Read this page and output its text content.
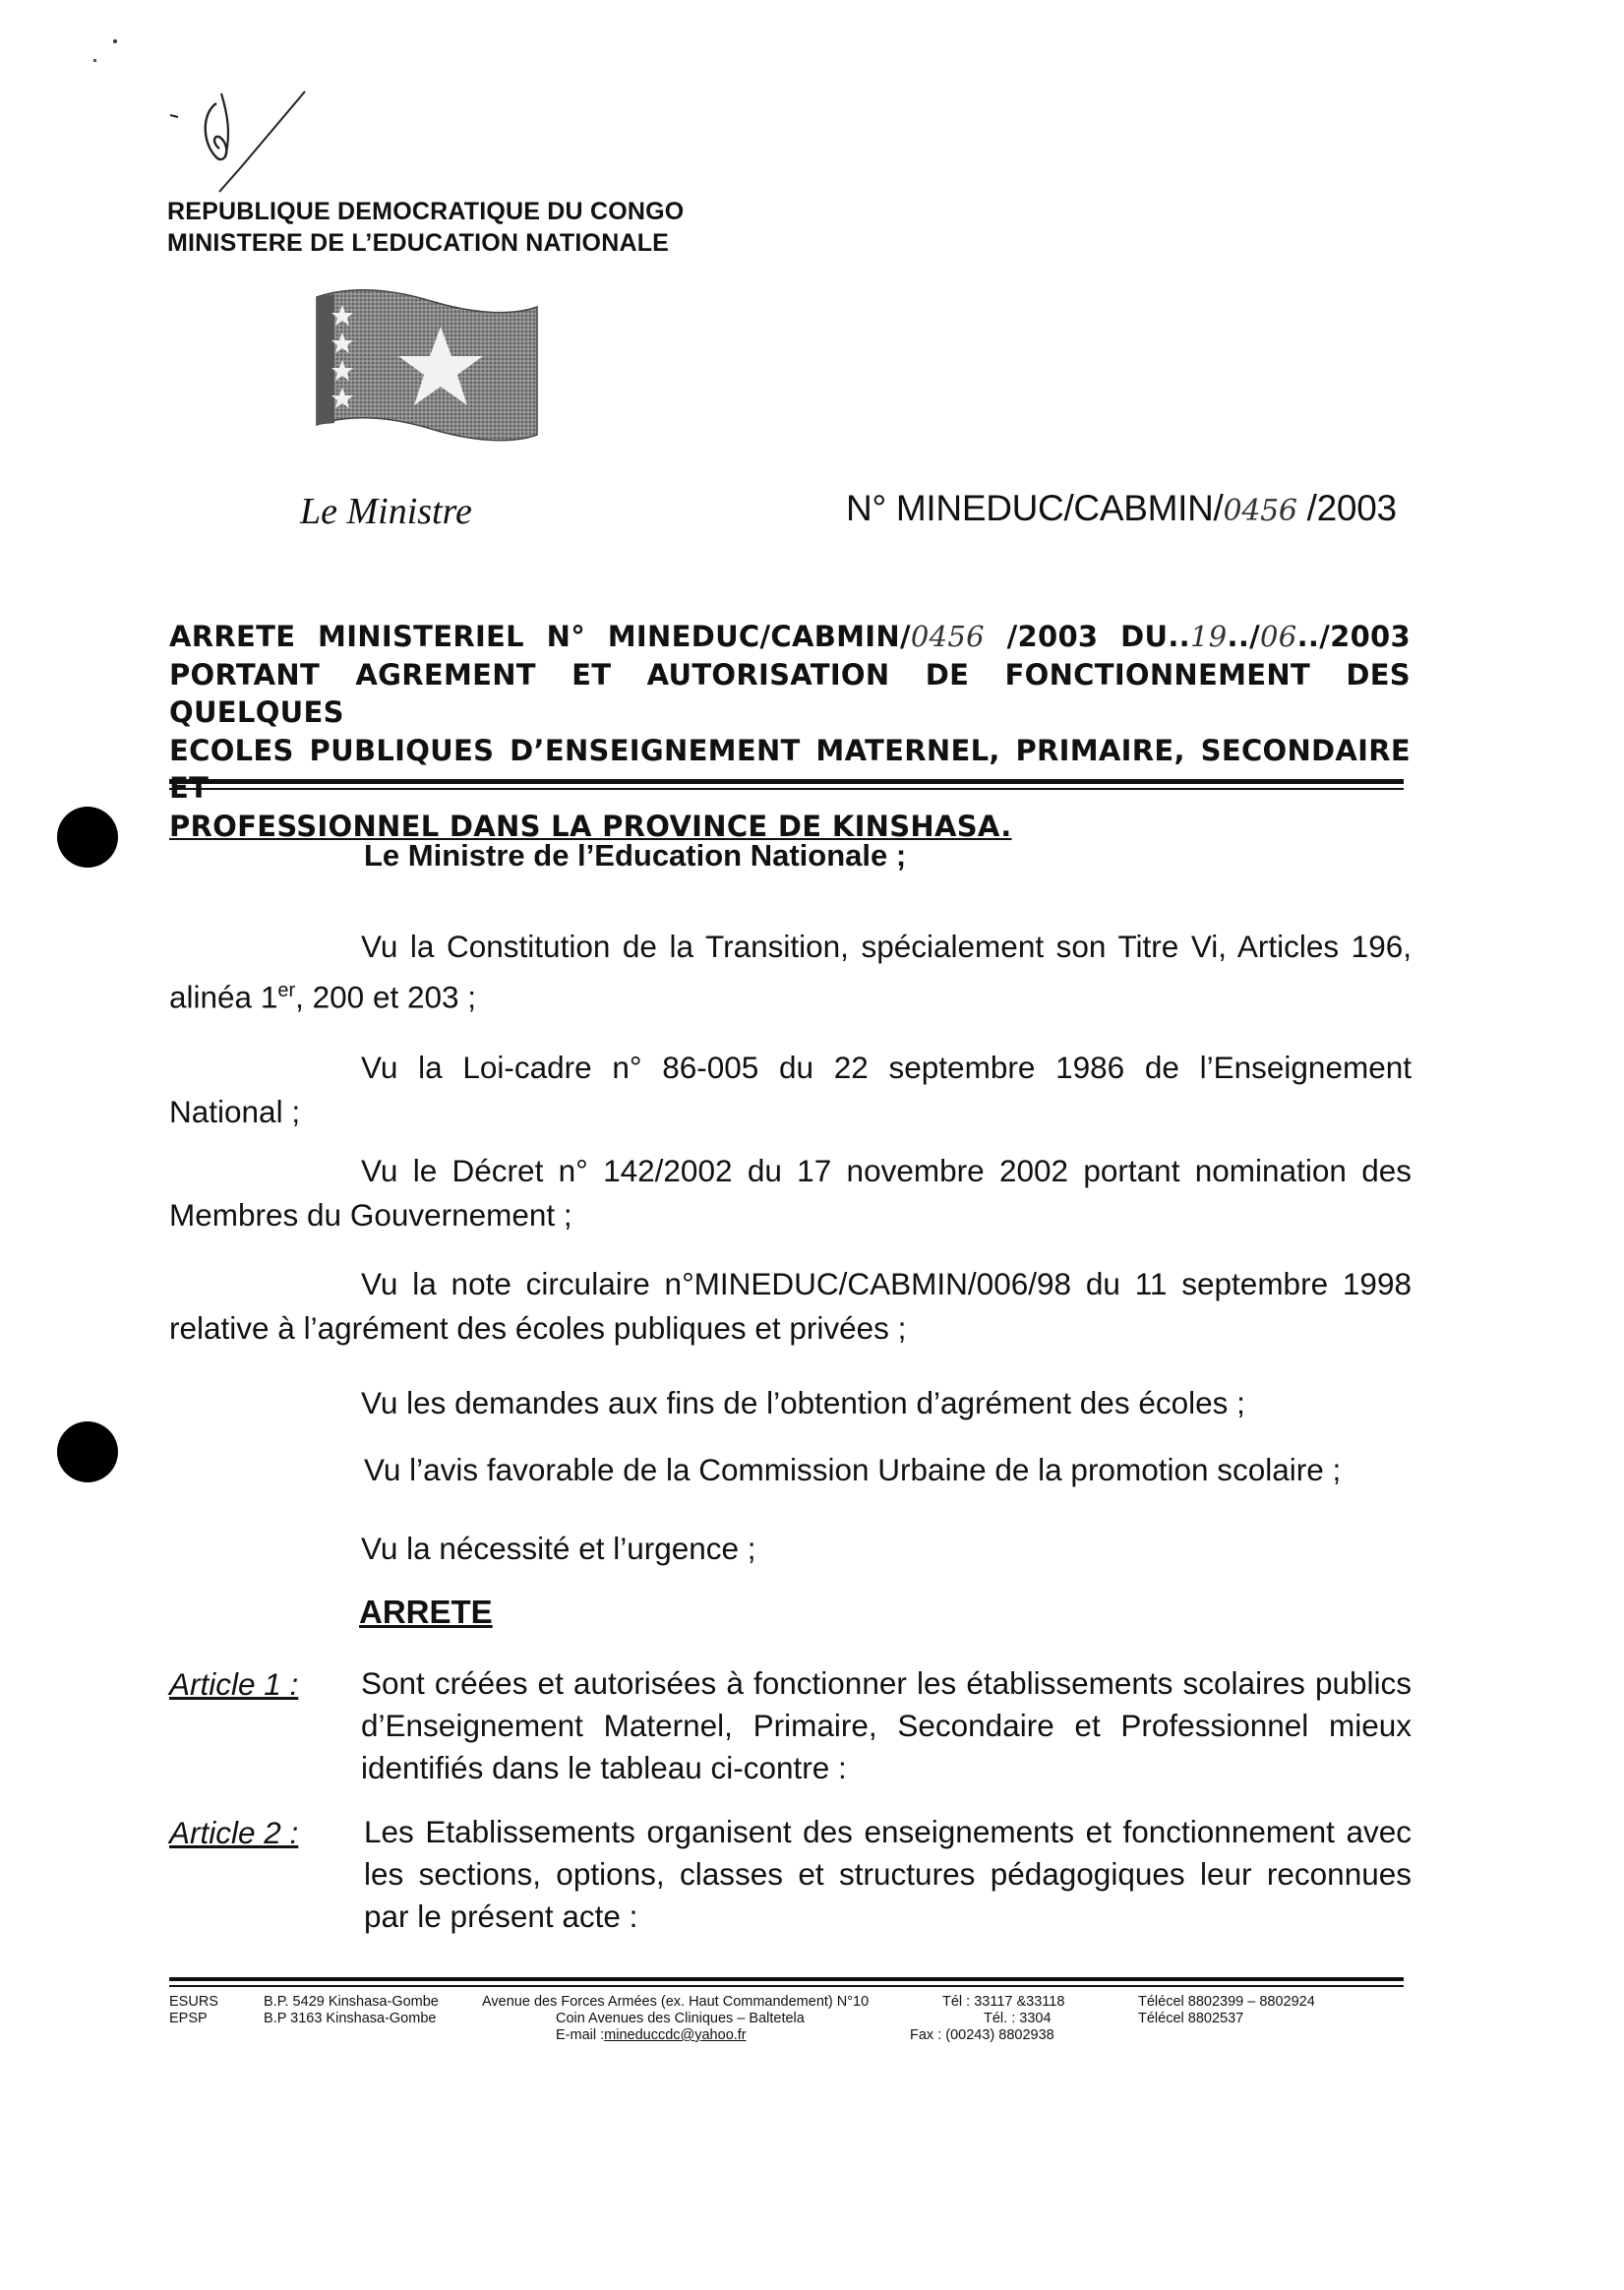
REPUBLIQUE DEMOCRATIQUE DU CONGO
MINISTERE DE L’EDUCATION NATIONALE
Le Ministre	N° MINEDUC/CABMIN/0456 /2003
ARRETE MINISTERIEL N° MINEDUC/CABMIN/0456 /2003 DU..19../06../2003
PORTANT AGREMENT ET AUTORISATION DE FONCTIONNEMENT DES QUELQUES
ECOLES PUBLIQUES D’ENSEIGNEMENT MATERNEL, PRIMAIRE, SECONDAIRE
PROFESSIONNEL DANS LA PROVINCE DE KINSHASA.
Le Ministre de l’Education Nationale ;
Vu la Constitution de la Transition, spécialement son Titre Vi, Articles 196,
alinéa 1er, 200 et 203 ;
Vu la Loi-cadre n° 86-005 du 22 septembre 1986 de l’Enseignement
National ;
Vu le Décret n° 142/2002 du 17 novembre 2002 portant nomination des
Membres du Gouvernement ;
Vu la note circulaire n°MINEDUC/CABMIN/006/98 du 11 septembre 1998
relative à l’agrément des écoles publiques et privées ;
Vu les demandes aux fins de l’obtention d’agrément des écoles ;
Vu l’avis favorable de la Commission Urbaine de la promotion scolaire ;
Vu la nécessité et l’urgence ;
ARRETE
Article 1 : Sont créées et autorisées à fonctionner les établissements scolaires publics d’Enseignement Maternel, Primaire, Secondaire et Professionnel mieux identifiés dans le tableau ci-contre :
Article 2 : Les Etablissements organisent des enseignements et fonctionnement avec les sections, options, classes et structures pédagogiques leur reconnues par le présent acte :
ESURS
EPSP
B.P. 5429 Kinshasa-Gombe
B.P 3163 Kinshasa-Gombe
Avenue des Forces Armées (ex. Haut Commandement) N°10
Coin Avenues des Cliniques – Baltetela
E-mail :mineduccdc@yahoo.fr
Tél : 33117 &33118
Tél. : 3304
Fax : (00243) 8802938
Télécel 8802399 – 8802924
Télécel 8802537
